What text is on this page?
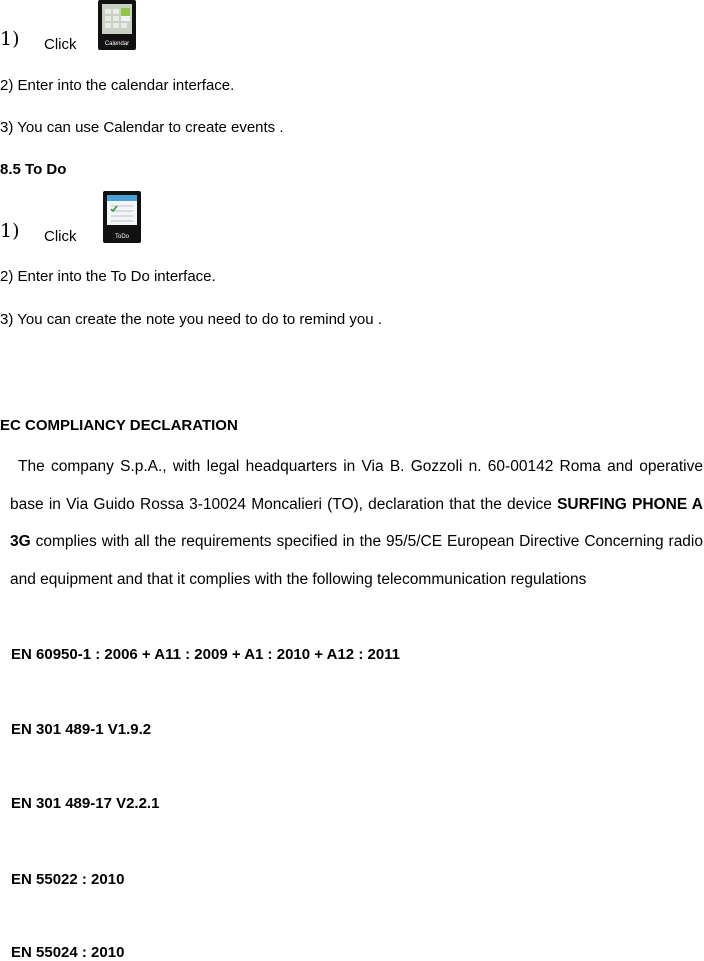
1) Click	Calendar
2) Enter into the calendar interface.
3) You can use Calendar to create events .
8.5 To Do
1) Click	ToDo
2) Enter into the To Do interface.
3) You can create the note you need to do to remind you .
EC COMPLIANCY DECLARATION
The company S.p.A., with legal headquarters in Via B. Gozzoli n. 60-00142 Roma and operative base in Via Guido Rossa 3-10024 Moncalieri (TO), declaration that the device SURFING PHONE A 3G complies with all the requirements specified in the 95/5/CE European Directive Concerning radio and equipment and that it complies with the following telecommunication regulations
EN 60950-1 : 2006 + A11 : 2009 + A1 : 2010 + A12 : 2011
EN 301 489-1 V1.9.2
EN 301 489-17 V2.2.1
EN 55022 : 2010
EN 55024 : 2010
